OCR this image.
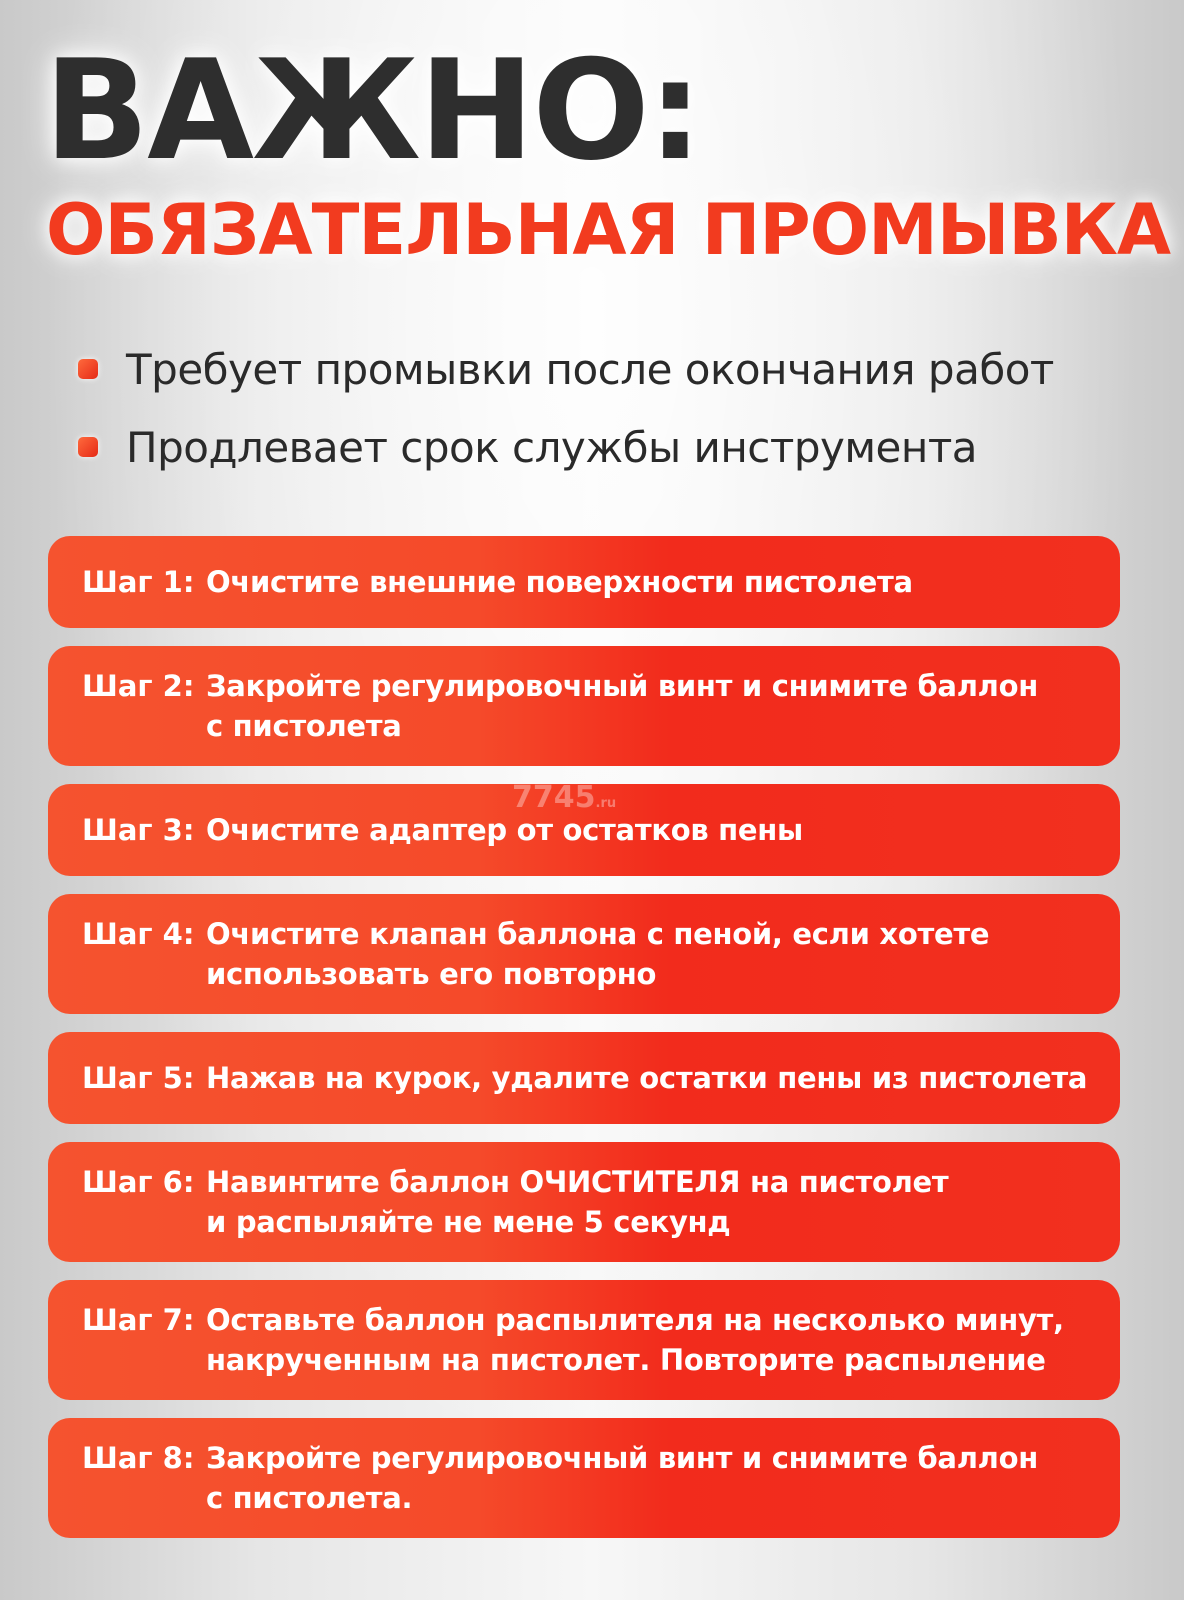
ВАЖНО:
ОБЯЗАТЕЛЬНАЯ ПРОМЫВКА
Требует промывки после окончания работ
Продлевает срок службы инструмента
Шаг 1: Очистите внешние поверхности пистолета
Шаг 2: Закройте регулировочный винт и снимите баллон
с пистолета
Шаг 3: Очистите адаптер от остатков пены
Шаг 4: Очистите клапан баллона с пеной, если хотете
использовать его повторно
Шаг 5: Нажав на курок, удалите остатки пены из пистолета
Шаг 6: Навинтите баллон ОЧИСТИТЕЛЯ на пистолет
и распыляйте не мене 5 секунд
Шаг 7: Оставьте баллон распылителя на несколько минут,
накрученным на пистолет. Повторите распыление
Шаг 8: Закройте регулировочный винт и снимите баллон
с пистолета.
7745.ru
